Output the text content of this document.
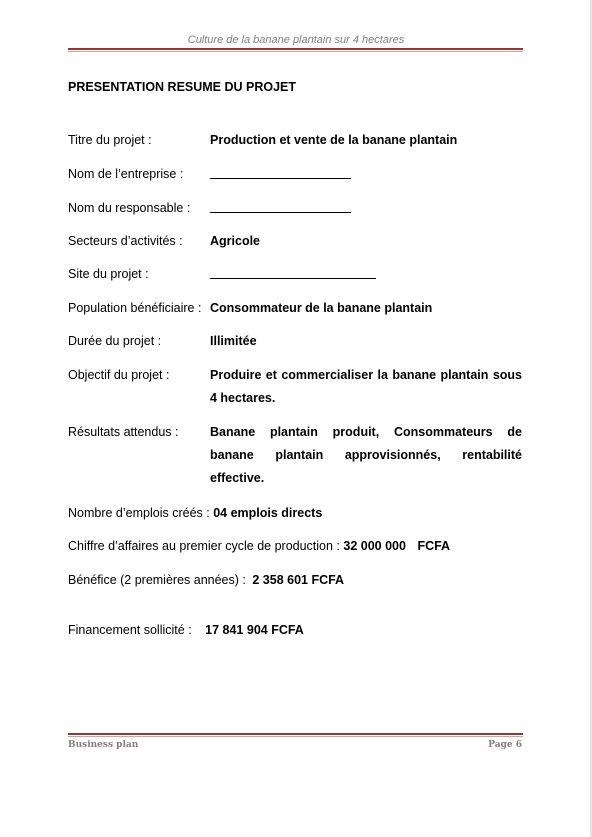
Culture de la banane plantain sur 4 hectares
PRESENTATION RESUME DU PROJET
Titre du projet :	Production et vente de la banane plantain
Nom de l’entreprise :
Nom du responsable :
Secteurs d’activités : Agricole
Site du projet :
Population bénéficiaire : Consommateur de la banane plantain
Durée du projet :	Illimitée
Objectif du projet :	Produire et commercialiser la banane plantain sous 4 hectares.
Résultats attendus :	Banane plantain produit, Consommateurs de banane plantain approvisionnés, rentabilité effective.
Nombre d’emplois créés : 04 emplois directs
Chiffre d’affaires au premier cycle de production : 32 000 000 FCFA
Bénéfice (2 premières années) : 2 358 601 FCFA
Financement sollicité : 17 841 904 FCFA
Business plan	Page 6
